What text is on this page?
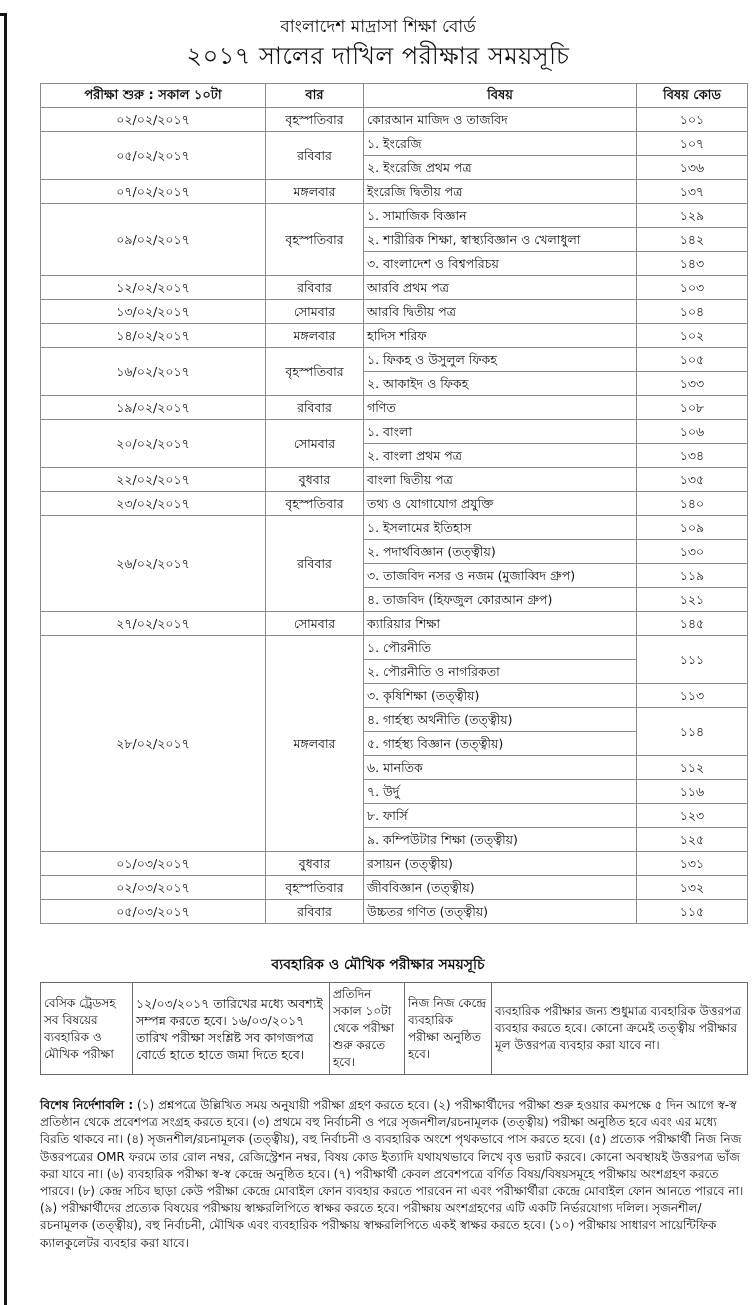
বাংলাদেশ মাদ্রাসা শিক্ষা বোর্ড
২০১৭ সালের দাখিল পরীক্ষার সময়সূচি
পরীক্ষা শুরু : সকাল ১০টা	বার	বিষয়	বিষয় কোড
০২/০২/২০১৭	বৃহস্পতিবার	কোরআন মাজিদ ও তাজবিদ	১০১
০৫/০২/২০১৭	রবিবার	১. ইংরেজি	১০৭
		২. ইংরেজি প্রথম পত্র	১৩৬
০৭/০২/২০১৭	মঙ্গলবার	ইংরেজি দ্বিতীয় পত্র	১৩৭
০৯/০২/২০১৭	বৃহস্পতিবার	১. সামাজিক বিজ্ঞান	১২৯
		২. শারীরিক শিক্ষা, স্বাস্থ্যবিজ্ঞান ও খেলাধুলা	১৪২
		৩. বাংলাদেশ ও বিশ্বপরিচয়	১৪৩
১২/০২/২০১৭	রবিবার	আরবি প্রথম পত্র	১০৩
১৩/০২/২০১৭	সোমবার	আরবি দ্বিতীয় পত্র	১০৪
১৪/০২/২০১৭	মঙ্গলবার	হাদিস শরিফ	১০২
১৬/০২/২০১৭	বৃহস্পতিবার	১. ফিকহ ও উসুলুল ফিকহ	১০৫
		২. আকাইদ ও ফিকহ	১৩৩
১৯/০২/২০১৭	রবিবার	গণিত	১০৮
২০/০২/২০১৭	সোমবার	১. বাংলা	১০৬
		২. বাংলা প্রথম পত্র	১৩৪
২২/০২/২০১৭	বুধবার	বাংলা দ্বিতীয় পত্র	১৩৫
২৩/০২/২০১৭	বৃহস্পতিবার	তথ্য ও যোগাযোগ প্রযুক্তি	১৪০
২৬/০২/২০১৭	রবিবার	১. ইসলামের ইতিহাস	১০৯
		২. পদার্থবিজ্ঞান (তত্ত্বীয়)	১৩০
		৩. তাজবিদ নসর ও নজম (মুজাব্বিদ গ্রুপ)	১১৯
		৪. তাজবিদ (হিফজুল কোরআন গ্রুপ)	১২১
২৭/০২/২০১৭	সোমবার	ক্যারিয়ার শিক্ষা	১৪৫
২৮/০২/২০১৭	মঙ্গলবার	১. পৌরনীতি	১১১
		২. পৌরনীতি ও নাগরিকতা	
		৩. কৃষিশিক্ষা (তত্ত্বীয়)	১১৩
		৪. গার্হস্থ্য অর্থনীতি (তত্ত্বীয়)	১১৪
		৫. গার্হস্থ্য বিজ্ঞান (তত্ত্বীয়)	
		৬. মানতিক	১১২
		৭. উর্দু	১১৬
		৮. ফার্সি	১২৩
		৯. কম্পিউটার শিক্ষা (তত্ত্বীয়)	১২৫
০১/০৩/২০১৭	বুধবার	রসায়ন (তত্ত্বীয়)	১৩১
০২/০৩/২০১৭	বৃহস্পতিবার	জীববিজ্ঞান (তত্ত্বীয়)	১৩২
০৫/০৩/২০১৭	রবিবার	উচ্চতর গণিত (তত্ত্বীয়)	১১৫
ব্যবহারিক ও মৌখিক পরীক্ষার সময়সূচি
বেসিক ট্রেডসহ সব বিষয়ের ব্যবহারিক ও মৌখিক পরীক্ষা	১২/০৩/২০১৭ তারিখের মধ্যে অবশ্যই সম্পন্ন করতে হবে। ১৬/০৩/২০১৭ তারিখ পরীক্ষা সংশ্লিষ্ট সব কাগজপত্র বোর্ডে হাতে হাতে জমা দিতে হবে।	প্রতিদিন সকাল ১০টা থেকে পরীক্ষা শুরু করতে হবে।	নিজ নিজ কেন্দ্রে ব্যবহারিক পরীক্ষা অনুষ্ঠিত হবে।	ব্যবহারিক পরীক্ষার জন্য শুধুমাত্র ব্যবহারিক উত্তরপত্র ব্যবহার করতে হবে। কোনো ক্রমেই তত্ত্বীয় পরীক্ষার মূল উত্তরপত্র ব্যবহার করা যাবে না।
বিশেষ নির্দেশাবলি : (১) প্রশ্নপত্রে উল্লিখিত সময় অনুযায়ী পরীক্ষা গ্রহণ করতে হবে। (২) পরীক্ষার্থীদের পরীক্ষা শুরু হওয়ার কমপক্ষে ৫ দিন আগে স্ব-স্ব প্রতিষ্ঠান থেকে প্রবেশপত্র সংগ্রহ করতে হবে। (৩) প্রথমে বহু নির্বাচনী ও পরে সৃজনশীল/রচনামূলক (তত্ত্বীয়) পরীক্ষা অনুষ্ঠিত হবে এবং এর মধ্যে বিরতি থাকবে না। (৪) সৃজনশীল/রচনামূলক (তত্ত্বীয়), বহু নির্বাচনী ও ব্যবহারিক অংশে পৃথকভাবে পাস করতে হবে। (৫) প্রত্যেক পরীক্ষার্থী নিজ নিজ উত্তরপত্রের OMR ফরমে তার রোল নম্বর, রেজিস্ট্রেশন নম্বর, বিষয় কোড ইত্যাদি যথাযথভাবে লিখে বৃত্ত ভরাট করবে। কোনো অবস্থায়ই উত্তরপত্র ভাঁজ করা যাবে না। (৬) ব্যবহারিক পরীক্ষা স্ব-স্ব কেন্দ্রে অনুষ্ঠিত হবে। (৭) পরীক্ষার্থী কেবল প্রবেশপত্রে বর্ণিত বিষয়/বিষয়সমূহে পরীক্ষায় অংশগ্রহণ করতে পারবে। (৮) কেন্দ্র সচিব ছাড়া কেউ পরীক্ষা কেন্দ্রে মোবাইল ফোন ব্যবহার করতে পারবেন না এবং পরীক্ষার্থীরা কেন্দ্রে মোবাইল ফোন আনতে পারবে না। (৯) পরীক্ষার্থীদের প্রত্যেক বিষয়ের পরীক্ষায় স্বাক্ষরলিপিতে স্বাক্ষর করতে হবে। পরীক্ষায় অংশগ্রহণের এটি একটি নির্ভরযোগ্য দলিল। সৃজনশীল/রচনামূলক (তত্ত্বীয়), বহু নির্বাচনী, মৌখিক এবং ব্যবহারিক পরীক্ষায় স্বাক্ষরলিপিতে একই স্বাক্ষর করতে হবে। (১০) পরীক্ষায় সাধারণ সায়েন্টিফিক ক্যালকুলেটর ব্যবহার করা যাবে।
